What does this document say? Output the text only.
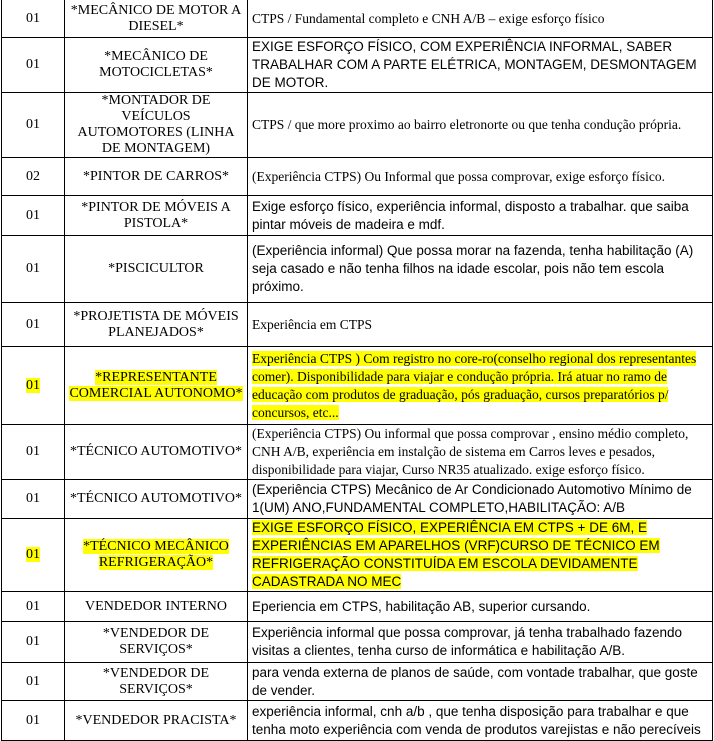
01	*MECÂNICO DE MOTOR A DIESEL*	CTPS / Fundamental completo e CNH A/B – exige esforço físico
01	*MECÂNICO DE MOTOCICLETAS*	EXIGE ESFORÇO FÍSICO, COM EXPERIÊNCIA INFORMAL, SABER TRABALHAR COM A PARTE ELÉTRICA, MONTAGEM, DESMONTAGEM DE MOTOR.
01	*MONTADOR DE VEÍCULOS AUTOMOTORES (LINHA DE MONTAGEM)	CTPS / que more proximo ao bairro eletronorte ou que tenha condução própria.
02	*PINTOR DE CARROS*	(Experiência CTPS) Ou Informal que possa comprovar, exige esforço físico.
01	*PINTOR DE MÓVEIS A PISTOLA*	Exige esforço físico, experiência informal, disposto a trabalhar. que saiba pintar móveis de madeira e mdf.
01	*PISCICULTOR	(Experiência informal) Que possa morar na fazenda, tenha habilitação (A) seja casado e não tenha filhos na idade escolar, pois não tem escola próximo.
01	*PROJETISTA DE MÓVEIS PLANEJADOS*	Experiência em CTPS
01	*REPRESENTANTE COMERCIAL AUTONOMO*	Experiência CTPS ) Com registro no core-ro(conselho regional dos representantes comer). Disponibilidade para viajar e condução própria. Irá atuar no ramo de educação com produtos de graduação, pós graduação, cursos preparatórios p/ concursos, etc...
01	*TÉCNICO AUTOMOTIVO*	(Experiência CTPS) Ou informal que possa comprovar , ensino médio completo, CNH A/B, experiência em instalção de sistema em Carros leves e pesados, disponibilidade para viajar, Curso NR35 atualizado. exige esforço físico.
01	*TÉCNICO AUTOMOTIVO*	(Experiência CTPS) Mecânico de Ar Condicionado Automotivo Mínimo de 1(UM) ANO,FUNDAMENTAL COMPLETO,HABILITAÇÃO: A/B
01	*TÉCNICO MECÂNICO REFRIGERAÇÃO*	EXIGE ESFORÇO FÍSICO, EXPERIÊNCIA EM CTPS + DE 6M, E EXPERIÊNCIAS EM APARELHOS (VRF)CURSO DE TÉCNICO EM REFRIGERAÇÃO CONSTITUÍDA EM ESCOLA DEVIDAMENTE CADASTRADA NO MEC
01	VENDEDOR INTERNO	Eperiencia em CTPS, habilitação AB, superior cursando.
01	*VENDEDOR DE SERVIÇOS*	Experiência informal que possa comprovar, já tenha trabalhado fazendo visitas a clientes, tenha curso de informática e habilitação A/B.
01	*VENDEDOR DE SERVIÇOS*	para venda externa de planos de saúde, com vontade trabalhar, que goste de vender.
01	*VENDEDOR PRACISTA*	experiência informal, cnh a/b , que tenha disposição para trabalhar e que tenha moto experiência com venda de produtos varejistas e não perecíveis
